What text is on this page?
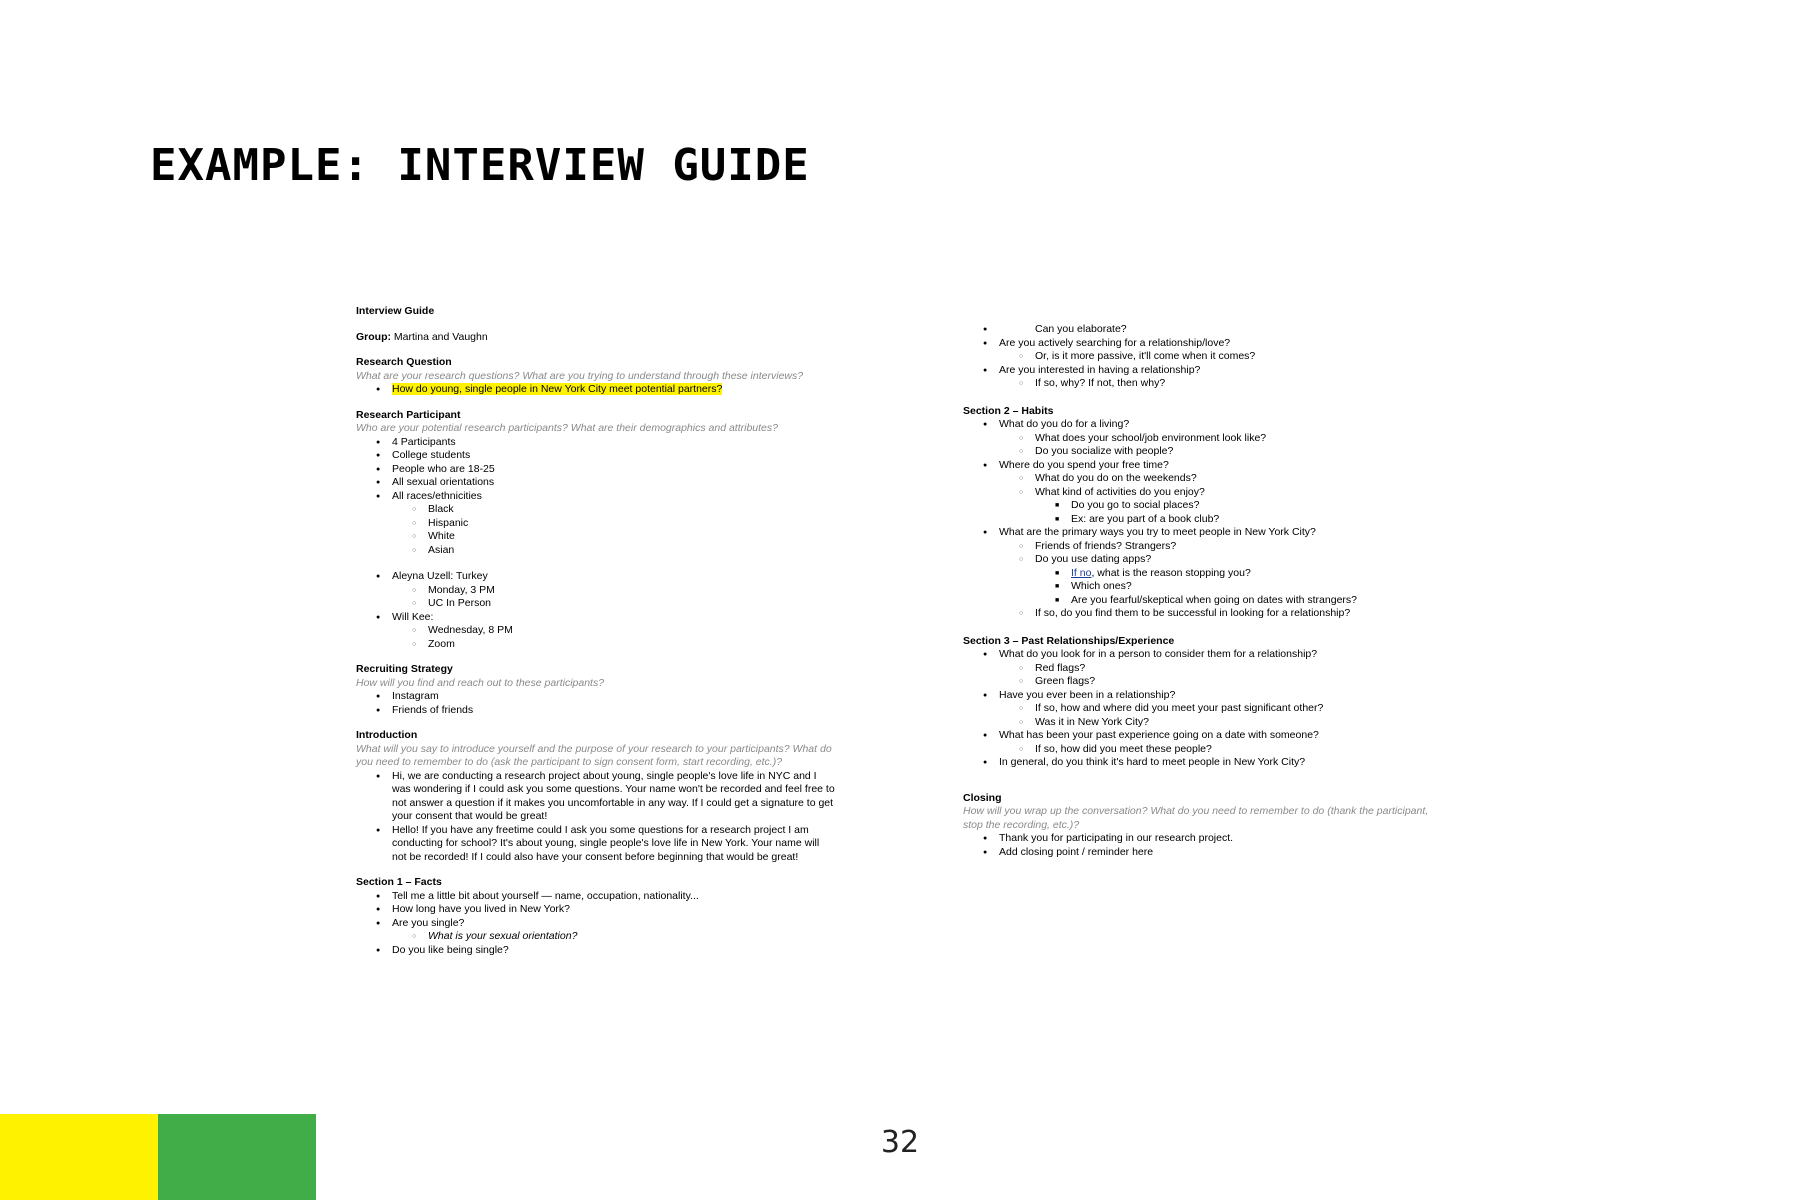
EXAMPLE: INTERVIEW GUIDE

Interview Guide

Group: Martina and Vaughn

Research Question

What are your research questions? What are you trying to understand through these interviews?

● How do young, single people in New York City meet potential partners?

Research Participant

Who are your potential research participants? What are their demographics and attributes?

● 4 Participants
● College students
● People who are 18-25
● All sexual orientations
● All races/ethnicities
○ Black
○ Hispanic
○ White
○ Asian
● Aleyna Uzell: Turkey
○ Monday, 3 PM
○ UC In Person
● Will Kee:
○ Wednesday, 8 PM
○ Zoom

Recruiting Strategy

How will you find and reach out to these participants?

● Instagram
● Friends of friends

Introduction

What will you say to introduce yourself and the purpose of your research to your participants? What do you need to remember to do (ask the participant to sign consent form, start recording, etc.)?

● Hi, we are conducting a research project about young, single people's love life in NYC and I was wondering if I could ask you some questions. Your name won't be recorded and feel free to not answer a question if it makes you uncomfortable in any way. If I could get a signature to get your consent that would be great!
● Hello! If you have any freetime could I ask you some questions for a research project I am conducting for school? It's about young, single people's love life in New York. Your name will not be recorded! If I could also have your consent before beginning that would be great!

Section 1 – Facts

● Tell me a little bit about yourself — name, occupation, nationality...
● How long have you lived in New York?
● Are you single?
○ What is your sexual orientation?
● Do you like being single?
○ ● Can you elaborate?
● Are you actively searching for a relationship/love?
○ Or, is it more passive, it'll come when it comes?
● Are you interested in having a relationship?
○ If so, why? If not, then why?

Section 2 – Habits

● What do you do for a living?
○ What does your school/job environment look like?
○ Do you socialize with people?
● Where do you spend your free time?
○ What do you do on the weekends?
○ What kind of activities do you enjoy?
■ Do you go to social places?
■ Ex: are you part of a book club?
● What are the primary ways you try to meet people in New York City?
○ Friends of friends? Strangers?
○ Do you use dating apps?
■ If no, what is the reason stopping you?
■ Which ones?
■ Are you fearful/skeptical when going on dates with strangers?
○ If so, do you find them to be successful in looking for a relationship?

Section 3 – Past Relationships/Experience

● What do you look for in a person to consider them for a relationship?
○ Red flags?
○ Green flags?
● Have you ever been in a relationship?
○ If so, how and where did you meet your past significant other?
○ Was it in New York City?
● What has been your past experience going on a date with someone?
○ If so, how did you meet these people?
● In general, do you think it's hard to meet people in New York City?

Closing

How will you wrap up the conversation? What do you need to remember to do (thank the participant, stop the recording, etc.)?

● Thank you for participating in our research project.
● Add closing point / reminder here
32
